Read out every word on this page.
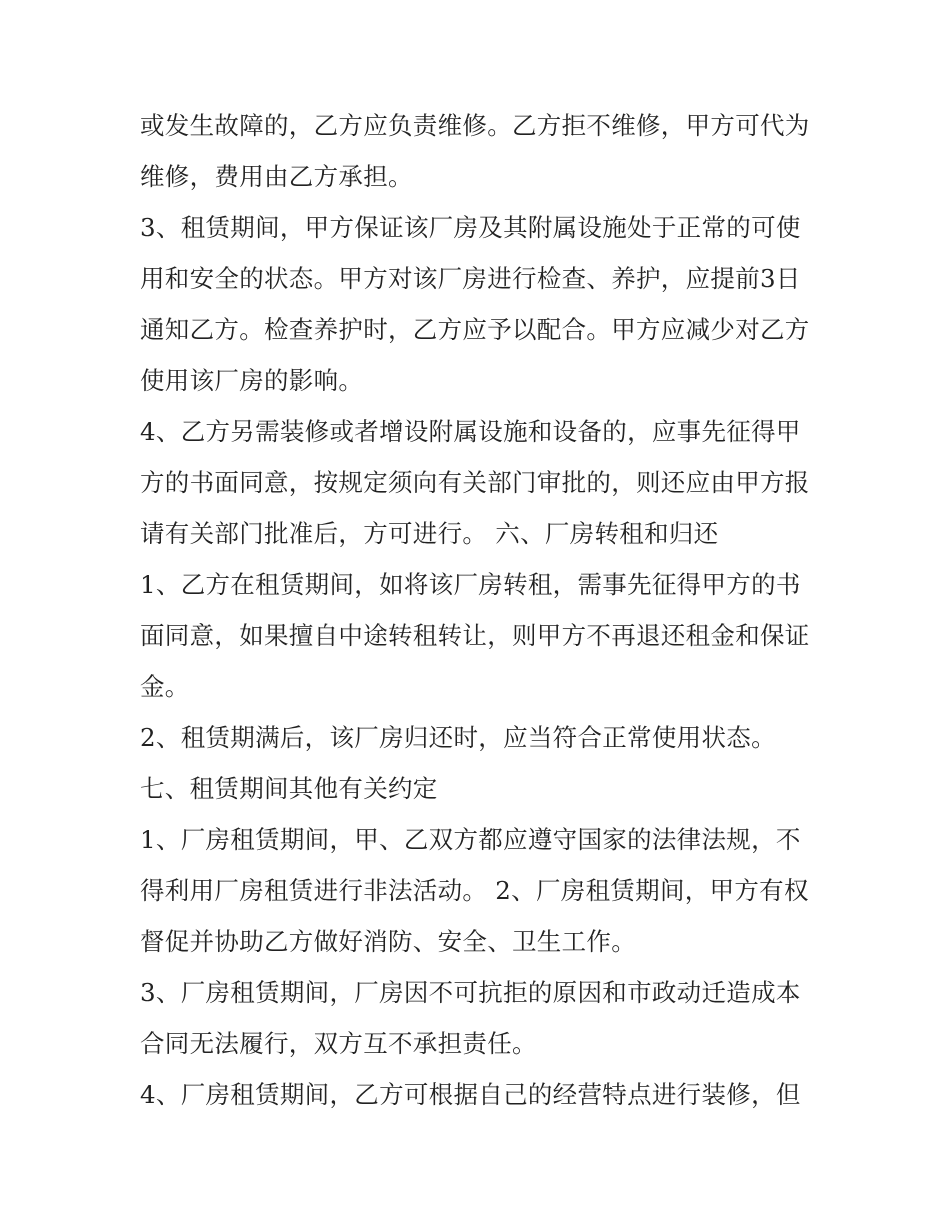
或发生故障的，乙方应负责维修。乙方拒不维修，甲方可代为
维修，费用由乙方承担。
3、租赁期间，甲方保证该厂房及其附属设施处于正常的可使
用和安全的状态。甲方对该厂房进行检查、养护，应提前3日
通知乙方。检查养护时，乙方应予以配合。甲方应减少对乙方
使用该厂房的影响。
4、乙方另需装修或者增设附属设施和设备的，应事先征得甲
方的书面同意，按规定须向有关部门审批的，则还应由甲方报
请有关部门批准后，方可进行。 六、厂房转租和归还
1、乙方在租赁期间，如将该厂房转租，需事先征得甲方的书
面同意，如果擅自中途转租转让，则甲方不再退还租金和保证
金。
2、租赁期满后，该厂房归还时，应当符合正常使用状态。
七、租赁期间其他有关约定
1、厂房租赁期间，甲、乙双方都应遵守国家的法律法规，不
得利用厂房租赁进行非法活动。 2、厂房租赁期间，甲方有权
督促并协助乙方做好消防、安全、卫生工作。
3、厂房租赁期间，厂房因不可抗拒的原因和市政动迁造成本
合同无法履行，双方互不承担责任。
4、厂房租赁期间，乙方可根据自己的经营特点进行装修，但
